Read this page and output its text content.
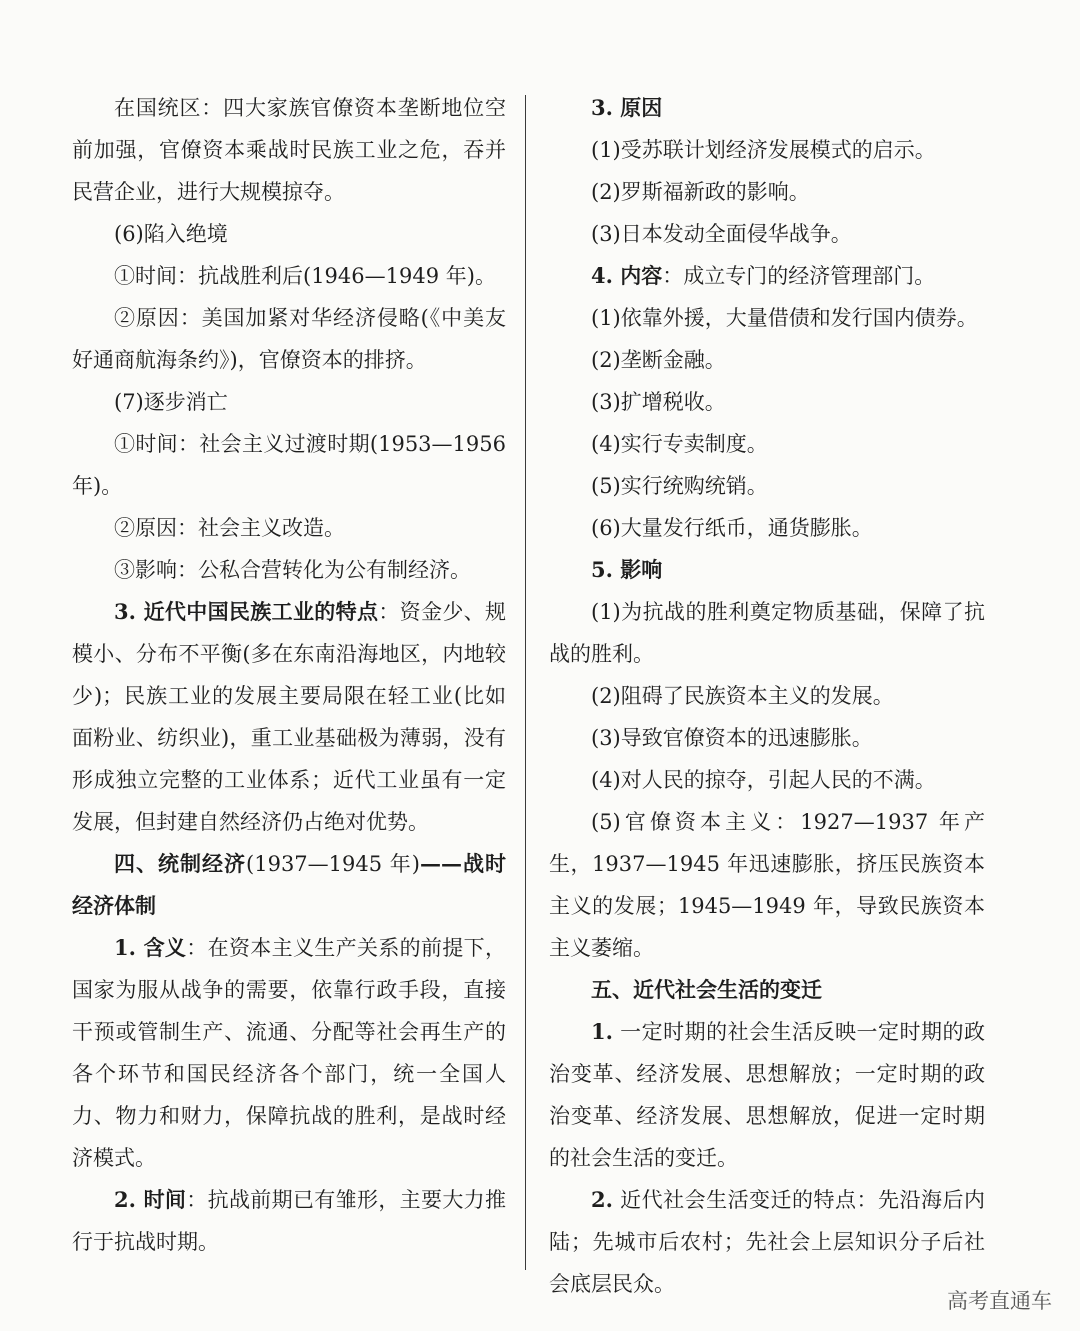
在国统区：四大家族官僚资本垄断地位空前加强，官僚资本乘战时民族工业之危，吞并民营企业，进行大规模掠夺。

(6)陷入绝境

①时间：抗战胜利后(1946—1949 年)。

②原因：美国加紧对华经济侵略(《中美友好通商航海条约》)，官僚资本的排挤。

(7)逐步消亡

①时间：社会主义过渡时期(1953—1956年)。

②原因：社会主义改造。

③影响：公私合营转化为公有制经济。

3. 近代中国民族工业的特点：资金少、规模小、分布不平衡(多在东南沿海地区，内地较少)；民族工业的发展主要局限在轻工业(比如面粉业、纺织业)，重工业基础极为薄弱，没有形成独立完整的工业体系；近代工业虽有一定发展，但封建自然经济仍占绝对优势。

四、统制经济(1937—1945 年)——战时经济体制

1. 含义：在资本主义生产关系的前提下，国家为服从战争的需要，依靠行政手段，直接干预或管制生产、流通、分配等社会再生产的各个环节和国民经济各个部门，统一全国人力、物力和财力，保障抗战的胜利，是战时经济模式。

2. 时间：抗战前期已有雏形，主要大力推行于抗战时期。

3. 原因

(1)受苏联计划经济发展模式的启示。

(2)罗斯福新政的影响。

(3)日本发动全面侵华战争。

4. 内容：成立专门的经济管理部门。

(1)依靠外援，大量借债和发行国内债券。

(2)垄断金融。

(3)扩增税收。

(4)实行专卖制度。

(5)实行统购统销。

(6)大量发行纸币，通货膨胀。

5. 影响

(1)为抗战的胜利奠定物质基础，保障了抗战的胜利。

(2)阻碍了民族资本主义的发展。

(3)导致官僚资本的迅速膨胀。

(4)对人民的掠夺，引起人民的不满。

(5)官僚资本主义：1927—1937 年产生，1937—1945 年迅速膨胀，挤压民族资本主义的发展；1945—1949 年，导致民族资本主义萎缩。

五、近代社会生活的变迁

1. 一定时期的社会生活反映一定时期的政治变革、经济发展、思想解放；一定时期的政治变革、经济发展、思想解放，促进一定时期的社会生活的变迁。

2. 近代社会生活变迁的特点：先沿海后内陆；先城市后农村；先社会上层知识分子后社会底层民众。

高考直通车
